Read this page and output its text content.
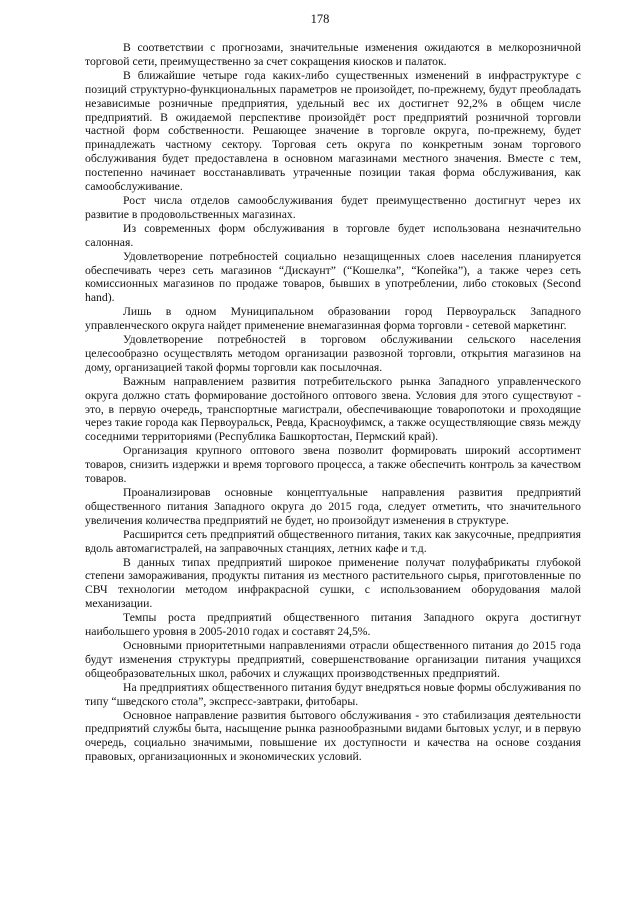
178

В соответствии с прогнозами, значительные изменения ожидаются в мелкорозничной торговой сети, преимущественно за счет сокращения киосков и палаток.

В ближайшие четыре года каких-либо существенных изменений в инфраструктуре с позиций структурно-функциональных параметров не произойдет, по-прежнему, будут преобладать независимые розничные предприятия, удельный вес их достигнет 92,2% в общем числе предприятий. В ожидаемой перспективе произойдёт рост предприятий розничной торговли частной форм собственности. Решающее значение в торговле округа, по-прежнему, будет принадлежать частному сектору. Торговая сеть округа по конкретным зонам торгового обслуживания будет предоставлена в основном магазинами местного значения. Вместе с тем, постепенно начинает восстанавливать утраченные позиции такая форма обслуживания, как самообслуживание.

Рост числа отделов самообслуживания будет преимущественно достигнут через их развитие в продовольственных магазинах.

Из современных форм обслуживания в торговле будет использована незначительно салонная.

Удовлетворение потребностей социально незащищенных слоев населения планируется обеспечивать через сеть магазинов “Дискаунт” (“Кошелка”, “Копейка”), а также через сеть комиссионных магазинов по продаже товаров, бывших в употреблении, либо стоковых (Second hand).

Лишь в одном Муниципальном образовании город Первоуральск Западного управленческого округа найдет применение внемагазинная форма торговли - сетевой маркетинг.

Удовлетворение потребностей в торговом обслуживании сельского населения целесообразно осуществлять методом организации развозной торговли, открытия магазинов на дому, организацией такой формы торговли как посылочная.

Важным направлением развития потребительского рынка Западного управленческого округа должно стать формирование достойного оптового звена. Условия для этого существуют - это, в первую очередь, транспортные магистрали, обеспечивающие товаропотоки и проходящие через такие города как Первоуральск, Ревда, Красноуфимск, а также осуществляющие связь между соседними территориями (Республика Башкортостан, Пермский край).

Организация крупного оптового звена позволит формировать широкий ассортимент товаров, снизить издержки и время торгового процесса, а также обеспечить контроль за качеством товаров.

Проанализировав основные концептуальные направления развития предприятий общественного питания Западного округа до 2015 года, следует отметить, что значительного увеличения количества предприятий не будет, но произойдут изменения в структуре.

Расширится сеть предприятий общественного питания, таких как закусочные, предприятия вдоль автомагистралей, на заправочных станциях, летних кафе и т.д.

В данных типах предприятий широкое применение получат полуфабрикаты глубокой степени замораживания, продукты питания из местного растительного сырья, приготовленные по СВЧ технологии методом инфракрасной сушки, с использованием оборудования малой механизации.

Темпы роста предприятий общественного питания Западного округа достигнут наибольшего уровня в 2005-2010 годах и составят 24,5%.

Основными приоритетными направлениями отрасли общественного питания до 2015 года будут изменения структуры предприятий, совершенствование организации питания учащихся общеобразовательных школ, рабочих и служащих производственных предприятий.

На предприятиях общественного питания будут внедряться новые формы обслуживания по типу “шведского стола”, экспресс-завтраки, фитобары.

Основное направление развития бытового обслуживания - это стабилизация деятельности предприятий службы быта, насыщение рынка разнообразными видами бытовых услуг, и в первую очередь, социально значимыми, повышение их доступности и качества на основе создания правовых, организационных и экономических условий.
